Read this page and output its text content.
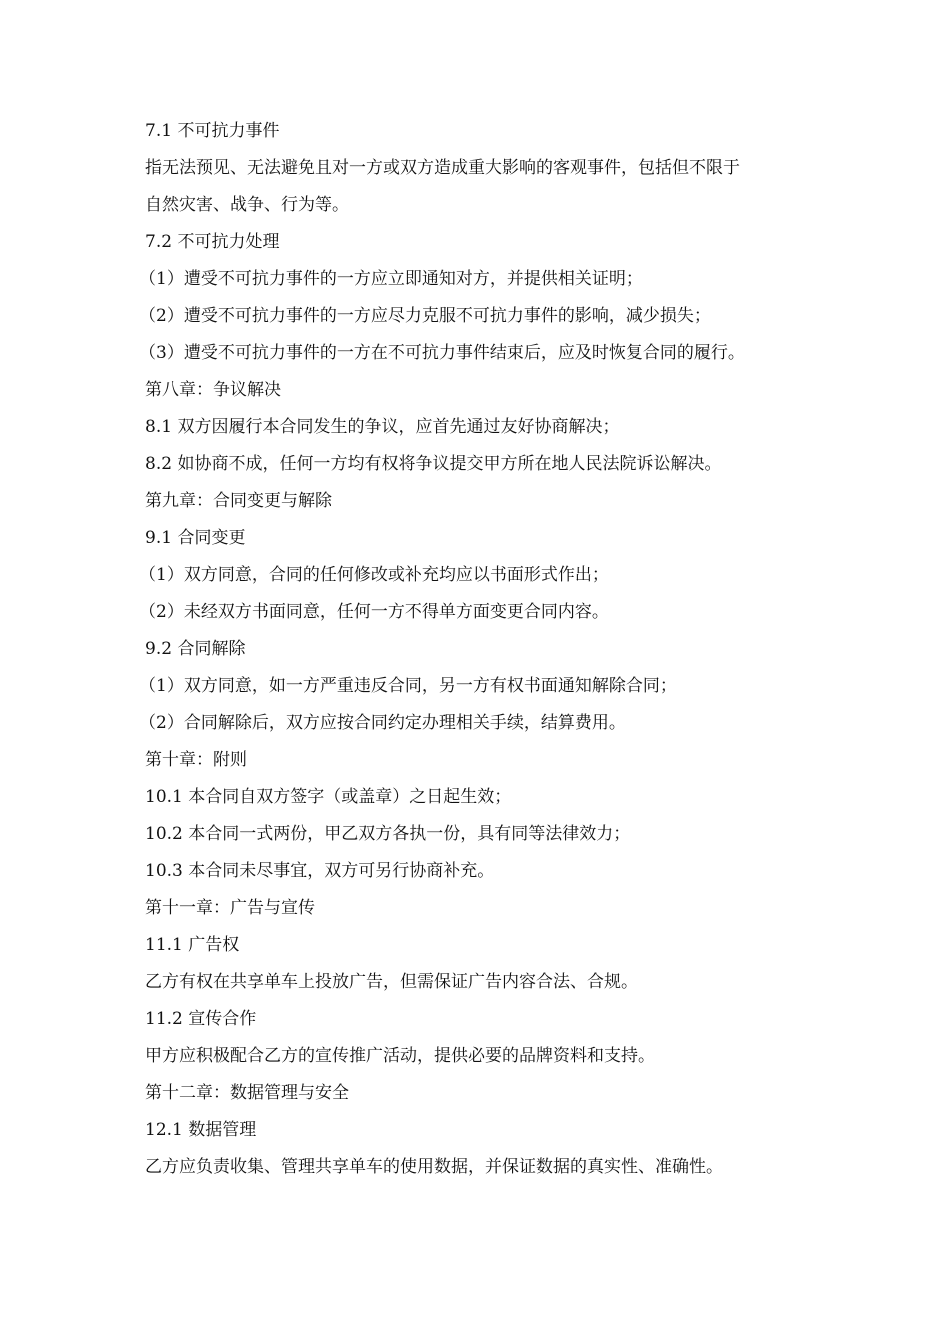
7.1 不可抗力事件

指无法预见、无法避免且对一方或双方造成重大影响的客观事件，包括但不限于

自然灾害、战争、行为等。

7.2 不可抗力处理

（1）遭受不可抗力事件的一方应立即通知对方，并提供相关证明；

（2）遭受不可抗力事件的一方应尽力克服不可抗力事件的影响，减少损失；

（3）遭受不可抗力事件的一方在不可抗力事件结束后，应及时恢复合同的履行。

第八章：争议解决

8.1 双方因履行本合同发生的争议，应首先通过友好协商解决；

8.2 如协商不成，任何一方均有权将争议提交甲方所在地人民法院诉讼解决。

第九章：合同变更与解除

9.1 合同变更

（1）双方同意，合同的任何修改或补充均应以书面形式作出；

（2）未经双方书面同意，任何一方不得单方面变更合同内容。

9.2 合同解除

（1）双方同意，如一方严重违反合同，另一方有权书面通知解除合同；

（2）合同解除后，双方应按合同约定办理相关手续，结算费用。

第十章：附则

10.1 本合同自双方签字（或盖章）之日起生效；

10.2 本合同一式两份，甲乙双方各执一份，具有同等法律效力；

10.3 本合同未尽事宜，双方可另行协商补充。

第十一章：广告与宣传

11.1 广告权

乙方有权在共享单车上投放广告，但需保证广告内容合法、合规。

11.2 宣传合作

甲方应积极配合乙方的宣传推广活动，提供必要的品牌资料和支持。

第十二章：数据管理与安全

12.1 数据管理

乙方应负责收集、管理共享单车的使用数据，并保证数据的真实性、准确性。
